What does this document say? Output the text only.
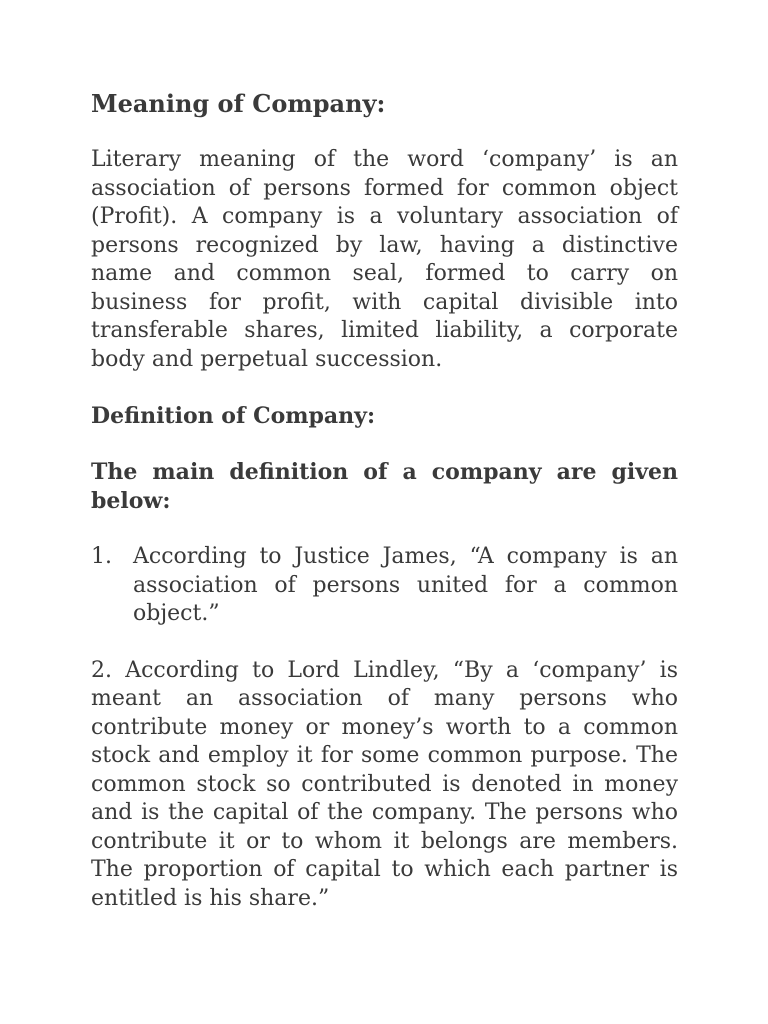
Meaning of Company:

Literary meaning of the word ‘company’ is an association of persons formed for common object (Profit). A company is a voluntary association of persons recognized by law, having a distinctive name and common seal, formed to carry on business for profit, with capital divisible into transferable shares, limited liability, a corporate body and perpetual succession.

Definition of Company:

The main definition of a company are given below:

1. According to Justice James, “A company is an association of persons united for a common object.”

2. According to Lord Lindley, “By a ‘company’ is meant an association of many persons who contribute money or money’s worth to a common stock and employ it for some common purpose. The common stock so contributed is denoted in money and is the capital of the company. The persons who contribute it or to whom it belongs are members. The proportion of capital to which each partner is entitled is his share.”
